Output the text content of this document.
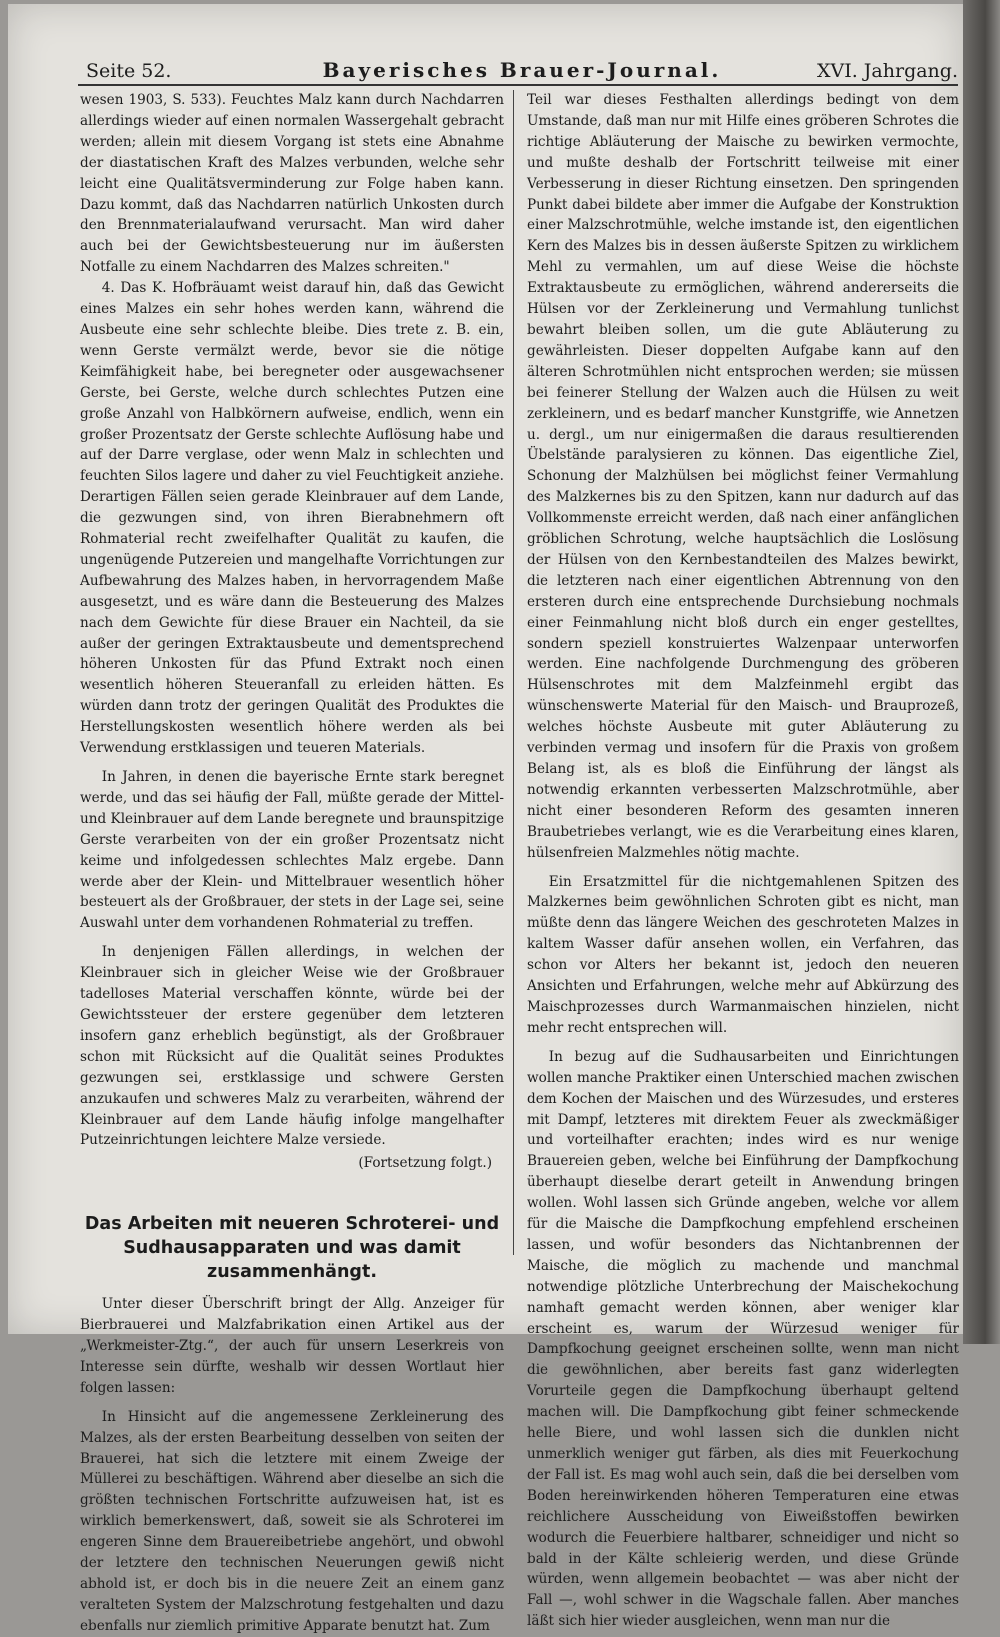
Seite 52.	Bayerisches Brauer-Journal.	XVI. Jahrgang.

wesen 1903, S. 533). Feuchtes Malz kann durch Nachdarren allerdings wieder auf einen normalen Wassergehalt gebracht werden; allein mit diesem Vorgang ist stets eine Abnahme der diastatischen Kraft des Malzes verbunden, welche sehr leicht eine Qualitätsverminderung zur Folge haben kann. Dazu kommt, daß das Nachdarren natürlich Unkosten durch den Brennmaterialaufwand verursacht. Man wird daher auch bei der Gewichtsbesteuerung nur im äußersten Notfalle zu einem Nachdarren des Malzes schreiten."

4. Das K. Hofbräuamt weist darauf hin, daß das Gewicht eines Malzes ein sehr hohes werden kann, während die Ausbeute eine sehr schlechte bleibe. Dies trete z. B. ein, wenn Gerste vermälzt werde, bevor sie die nötige Keimfähigkeit habe, bei beregneter oder ausgewachsener Gerste, bei Gerste, welche durch schlechtes Putzen eine große Anzahl von Halbkörnern aufweise, endlich, wenn ein großer Prozentsatz der Gerste schlechte Auflösung habe und auf der Darre verglase, oder wenn Malz in schlechten und feuchten Silos lagere und daher zu viel Feuchtigkeit anziehe. Derartigen Fällen seien gerade Kleinbrauer auf dem Lande, die gezwungen sind, von ihren Bierabnehmern oft Rohmaterial recht zweifelhafter Qualität zu kaufen, die ungenügende Putzereien und mangelhafte Vorrichtungen zur Aufbewahrung des Malzes haben, in hervorragendem Maße ausgesetzt, und es wäre dann die Besteuerung des Malzes nach dem Gewichte für diese Brauer ein Nachteil, da sie außer der geringen Extraktausbeute und dementsprechend höheren Unkosten für das Pfund Extrakt noch einen wesentlich höheren Steueranfall zu erleiden hätten. Es würden dann trotz der geringen Qualität des Produktes die Herstellungskosten wesentlich höhere werden als bei Verwendung erstklassigen und teueren Materials.

In Jahren, in denen die bayerische Ernte stark beregnet werde, und das sei häufig der Fall, müßte gerade der Mittel- und Kleinbrauer auf dem Lande beregnete und braunspitzige Gerste verarbeiten von der ein großer Prozentsatz nicht keime und infolgedessen schlechtes Malz ergebe. Dann werde aber der Klein- und Mittelbrauer wesentlich höher besteuert als der Großbrauer, der stets in der Lage sei, seine Auswahl unter dem vorhandenen Rohmaterial zu treffen.

In denjenigen Fällen allerdings, in welchen der Kleinbrauer sich in gleicher Weise wie der Großbrauer tadelloses Material verschaffen könnte, würde bei der Gewichtssteuer der erstere gegenüber dem letzteren insofern ganz erheblich begünstigt, als der Großbrauer schon mit Rücksicht auf die Qualität seines Produktes gezwungen sei, erstklassige und schwere Gersten anzukaufen und schweres Malz zu verarbeiten, während der Kleinbrauer auf dem Lande häufig infolge mangelhafter Putzeinrichtungen leichtere Malze versiede.

(Fortsetzung folgt.)

Das Arbeiten mit neueren Schroterei- und Sudhausapparaten und was damit zusammenhängt.

Unter dieser Überschrift bringt der Allg. Anzeiger für Bierbrauerei und Malzfabrikation einen Artikel aus der „Werkmeister-Ztg.“, der auch für unsern Leserkreis von Interesse sein dürfte, weshalb wir dessen Wortlaut hier folgen lassen:

In Hinsicht auf die angemessene Zerkleinerung des Malzes, als der ersten Bearbeitung desselben von seiten der Brauerei, hat sich die letztere mit einem Zweige der Müllerei zu beschäftigen. Während aber dieselbe an sich die größten technischen Fortschritte aufzuweisen hat, ist es wirklich bemerkenswert, daß, soweit sie als Schroterei im engeren Sinne dem Brauereibetriebe angehört, und obwohl der letztere den technischen Neuerungen gewiß nicht abhold ist, er doch bis in die neuere Zeit an einem ganz veralteten System der Malzschrotung festgehalten und dazu ebenfalls nur ziemlich primitive Apparate benutzt hat. Zum

Teil war dieses Festhalten allerdings bedingt von dem Umstande, daß man nur mit Hilfe eines gröberen Schrotes die richtige Abläuterung der Maische zu bewirken vermochte, und mußte deshalb der Fortschritt teilweise mit einer Verbesserung in dieser Richtung einsetzen. Den springenden Punkt dabei bildete aber immer die Aufgabe der Konstruktion einer Malzschrotmühle, welche imstande ist, den eigentlichen Kern des Malzes bis in dessen äußerste Spitzen zu wirklichem Mehl zu vermahlen, um auf diese Weise die höchste Extraktausbeute zu ermöglichen, während andererseits die Hülsen vor der Zerkleinerung und Vermahlung tunlichst bewahrt bleiben sollen, um die gute Abläuterung zu gewährleisten. Dieser doppelten Aufgabe kann auf den älteren Schrotmühlen nicht entsprochen werden; sie müssen bei feinerer Stellung der Walzen auch die Hülsen zu weit zerkleinern, und es bedarf mancher Kunstgriffe, wie Annetzen u. dergl., um nur einigermaßen die daraus resultierenden Übelstände paralysieren zu können. Das eigentliche Ziel, Schonung der Malzhülsen bei möglichst feiner Vermahlung des Malzkernes bis zu den Spitzen, kann nur dadurch auf das Vollkommenste erreicht werden, daß nach einer anfänglichen gröblichen Schrotung, welche hauptsächlich die Loslösung der Hülsen von den Kernbestandteilen des Malzes bewirkt, die letzteren nach einer eigentlichen Abtrennung von den ersteren durch eine entsprechende Durchsiebung nochmals einer Feinmahlung nicht bloß durch ein enger gestelltes, sondern speziell konstruiertes Walzenpaar unterworfen werden. Eine nachfolgende Durchmengung des gröberen Hülsenschrotes mit dem Malzfeinmehl ergibt das wünschenswerte Material für den Maisch- und Brauprozeß, welches höchste Ausbeute mit guter Abläuterung zu verbinden vermag und insofern für die Praxis von großem Belang ist, als es bloß die Einführung der längst als notwendig erkannten verbesserten Malzschrotmühle, aber nicht einer besonderen Reform des gesamten inneren Braubetriebes verlangt, wie es die Verarbeitung eines klaren, hülsenfreien Malzmehles nötig machte.

Ein Ersatzmittel für die nichtgemahlenen Spitzen des Malzkernes beim gewöhnlichen Schroten gibt es nicht, man müßte denn das längere Weichen des geschroteten Malzes in kaltem Wasser dafür ansehen wollen, ein Verfahren, das schon vor Alters her bekannt ist, jedoch den neueren Ansichten und Erfahrungen, welche mehr auf Abkürzung des Maischprozesses durch Warmanmaischen hinzielen, nicht mehr recht entsprechen will.

In bezug auf die Sudhausarbeiten und Einrichtungen wollen manche Praktiker einen Unterschied machen zwischen dem Kochen der Maischen und des Würzesudes, und ersteres mit Dampf, letzteres mit direktem Feuer als zweckmäßiger und vorteilhafter erachten; indes wird es nur wenige Brauereien geben, welche bei Einführung der Dampfkochung überhaupt dieselbe derart geteilt in Anwendung bringen wollen. Wohl lassen sich Gründe angeben, welche vor allem für die Maische die Dampfkochung empfehlend erscheinen lassen, und wofür besonders das Nichtanbrennen der Maische, die möglich zu machende und manchmal notwendige plötzliche Unterbrechung der Maischekochung namhaft gemacht werden können, aber weniger klar erscheint es, warum der Würzesud weniger für Dampfkochung geeignet erscheinen sollte, wenn man nicht die gewöhnlichen, aber bereits fast ganz widerlegten Vorurteile gegen die Dampfkochung überhaupt geltend machen will. Die Dampfkochung gibt feiner schmeckende helle Biere, und wohl lassen sich die dunklen nicht unmerklich weniger gut färben, als dies mit Feuerkochung der Fall ist. Es mag wohl auch sein, daß die bei derselben vom Boden hereinwirkenden höheren Temperaturen eine etwas reichlichere Ausscheidung von Eiweißstoffen bewirken wodurch die Feuerbiere haltbarer, schneidiger und nicht so bald in der Kälte schleierig werden, und diese Gründe würden, wenn allgemein beobachtet — was aber nicht der Fall —, wohl schwer in die Wagschale fallen. Aber manches läßt sich hier wieder ausgleichen, wenn man nur die
